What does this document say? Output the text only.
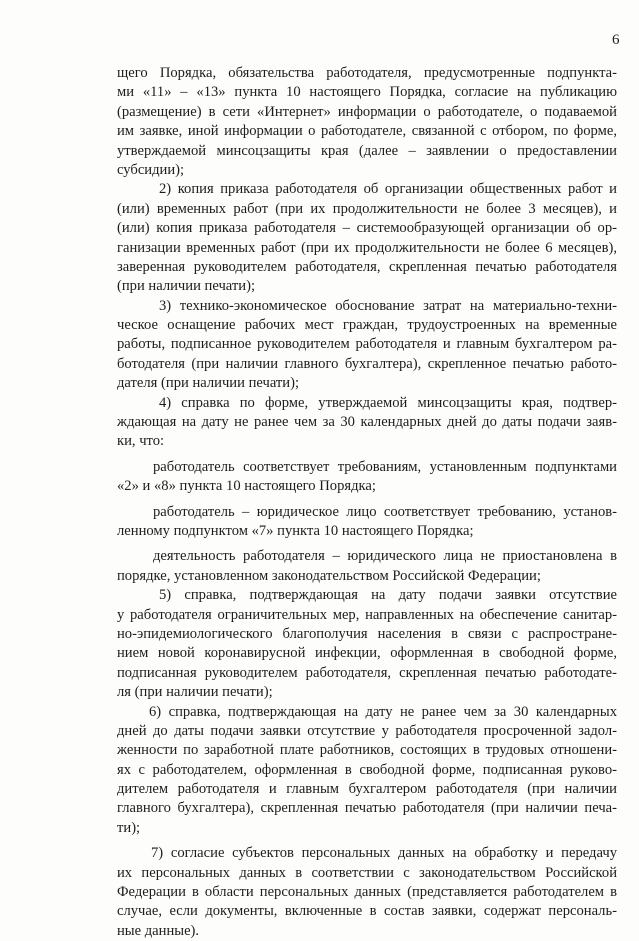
6
щего Порядка, обязательства работодателя, предусмотренные подпункта-
ми «11» – «13» пункта 10 настоящего Порядка, согласие на публикацию
(размещение) в сети «Интернет» информации о работодателе, о подаваемой
им заявке, иной информации о работодателе, связанной с отбором, по форме,
утверждаемой минсоцзащиты края (далее – заявлении о предоставлении
субсидии);
2) копия приказа работодателя об организации общественных работ и
(или) временных работ (при их продолжительности не более 3 месяцев), и
(или) копия приказа работодателя – системообразующей организации об ор-
ганизации временных работ (при их продолжительности не более 6 месяцев),
заверенная руководителем работодателя, скрепленная печатью работодателя
(при наличии печати);
3) технико-экономическое обоснование затрат на материально-техни-
ческое оснащение рабочих мест граждан, трудоустроенных на временные
работы, подписанное руководителем работодателя и главным бухгалтером ра-
ботодателя (при наличии главного бухгалтера), скрепленное печатью работо-
дателя (при наличии печати);
4) справка по форме, утверждаемой минсоцзащиты края, подтвер-
ждающая на дату не ранее чем за 30 календарных дней до даты подачи заяв-
ки, что:
работодатель соответствует требованиям, установленным подпунктами
«2» и «8» пункта 10 настоящего Порядка;
работодатель – юридическое лицо соответствует требованию, установ-
ленному подпунктом «7» пункта 10 настоящего Порядка;
деятельность работодателя – юридического лица не приостановлена в
порядке, установленном законодательством Российской Федерации;
5) справка, подтверждающая на дату подачи заявки отсутствие
у работодателя ограничительных мер, направленных на обеспечение санитар-
но-эпидемиологического благополучия населения в связи с распростране-
нием новой коронавирусной инфекции, оформленная в свободной форме,
подписанная руководителем работодателя, скрепленная печатью работодате-
ля (при наличии печати);
6) справка, подтверждающая на дату не ранее чем за 30 календарных
дней до даты подачи заявки отсутствие у работодателя просроченной задол-
женности по заработной плате работников, состоящих в трудовых отношени-
ях с работодателем, оформленная в свободной форме, подписанная руково-
дителем работодателя и главным бухгалтером работодателя (при наличии
главного бухгалтера), скрепленная печатью работодателя (при наличии печа-
ти);
7) согласие субъектов персональных данных на обработку и передачу
их персональных данных в соответствии с законодательством Российской
Федерации в области персональных данных (представляется работодателем в
случае, если документы, включенные в состав заявки, содержат персональ-
ные данные).
